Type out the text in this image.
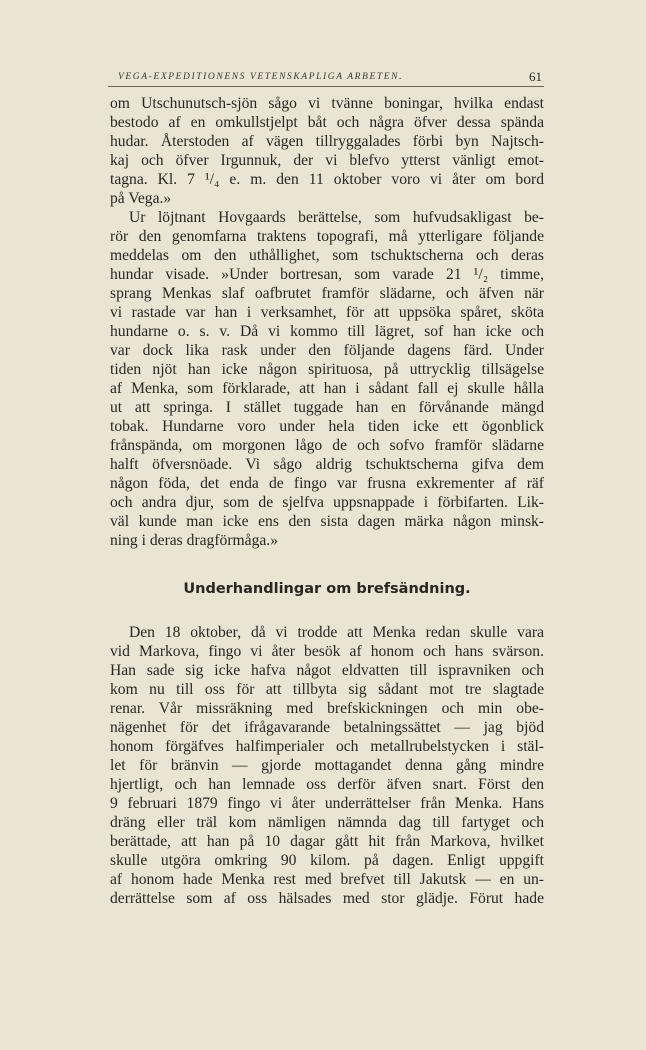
VEGA-EXPEDITIONENS VETENSKAPLIGA ARBETEN.	61

om Utschunutsch-sjön sågo vi tvänne boningar, hvilka endast

bestodo af en omkullstjelpt båt och några öfver dessa spända

hudar. Återstoden af vägen tillryggalades förbi byn Najtsch-

kaj och öfver Irgunnuk, der vi blefvo ytterst vänligt emot-

tagna. Kl. 7 ¹/₄ e. m. den 11 oktober voro vi åter om bord

på Vega.»

Ur löjtnant Hovgaards berättelse, som hufvudsakligast be-

rör den genomfarna traktens topografi, må ytterligare följande

meddelas om den uthållighet, som tschuktscherna och deras

hundar visade. »Under bortresan, som varade 21 ¹/₂ timme,

sprang Menkas slaf oafbrutet framför slädarne, och äfven när

vi rastade var han i verksamhet, för att uppsöka spåret, sköta

hundarne o. s. v. Då vi kommo till lägret, sof han icke och

var dock lika rask under den följande dagens färd. Under

tiden njöt han icke någon spirituosa, på uttrycklig tillsägelse

af Menka, som förklarade, att han i sådant fall ej skulle hålla

ut att springa. I stället tuggade han en förvånande mängd

tobak. Hundarne voro under hela tiden icke ett ögonblick

frånspända, om morgonen lågo de och sofvo framför slädarne

halft öfversnöade. Vi sågo aldrig tschuktscherna gifva dem

någon föda, det enda de fingo var frusna exkrementer af räf

och andra djur, som de sjelfva uppsnappade i förbifarten. Lik-

väl kunde man icke ens den sista dagen märka någon minsk-

ning i deras dragförmåga.»

Underhandlingar om brefsändning.

Den 18 oktober, då vi trodde att Menka redan skulle vara

vid Markova, fingo vi åter besök af honom och hans svärson.

Han sade sig icke hafva något eldvatten till ispravniken och

kom nu till oss för att tillbyta sig sådant mot tre slagtade

renar. Vår missräkning med brefskickningen och min obe-

nägenhet för det ifrågavarande betalningssättet — jag bjöd

honom förgäfves halfimperialer och metallrubelstycken i stäl-

let för bränvin — gjorde mottagandet denna gång mindre

hjertligt, och han lemnade oss derför äfven snart. Först den

9 februari 1879 fingo vi åter underrättelser från Menka. Hans

dräng eller träl kom nämligen nämnda dag till fartyget och

berättade, att han på 10 dagar gått hit från Markova, hvilket

skulle utgöra omkring 90 kilom. på dagen. Enligt uppgift

af honom hade Menka rest med brefvet till Jakutsk — en un-

derrättelse som af oss hälsades med stor glädje. Förut hade
